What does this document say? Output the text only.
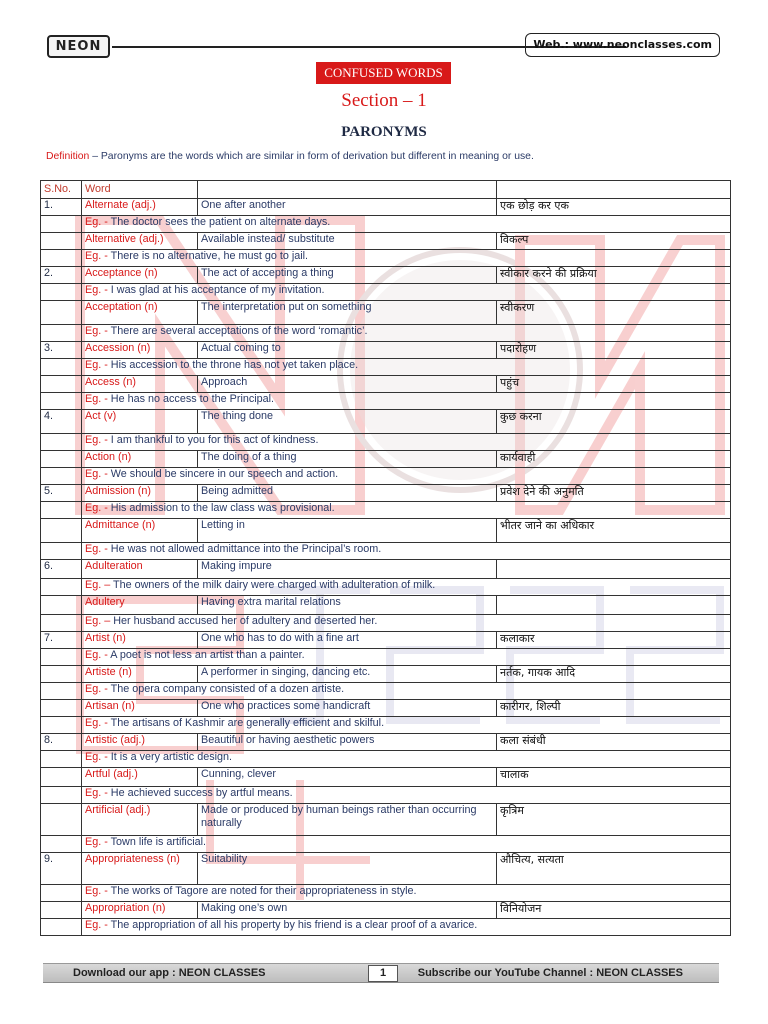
NEON	Web.: www.neonclasses.com
CONFUSED WORDS
Section – 1
PARONYMS
Definition – Paronyms are the words which are similar in form of derivation but different in meaning or use.
S.No.	Word		
1.	Alternate (adj.)	One after another	एक छोड़ कर एक
	Eg. - The doctor sees the patient on alternate days.		
	Alternative (adj.)	Available instead/ substitute	विकल्प
	Eg. - There is no alternative, he must go to jail.		
2.	Acceptance (n)	The act of accepting a thing	स्वीकार करने की प्रक्रिया
	Eg. - I was glad at his acceptance of my invitation.		
	Acceptation (n)	The interpretation put on something	स्वीकरण
	Eg. - There are several acceptations of the word ‘romantic’.		
3.	Accession (n)	Actual coming to	पदारोहण
	Eg. - His accession to the throne has not yet taken place.		
	Access (n)	Approach	पहुंच
	Eg. - He has no access to the Principal.		
4.	Act (v)	The thing done	कुछ करना
	Eg. - I am thankful to you for this act of kindness.		
	Action (n)	The doing of a thing	कार्यवाही
	Eg. - We should be sincere in our speech and action.		
5.	Admission (n)	Being admitted	प्रवेश देने की अनुमति
	Eg. - His admission to the law class was provisional.		
	Admittance (n)	Letting in	भीतर जाने का अधिकार
	Eg. - He was not allowed admittance into the Principal’s room.		
6.	Adulteration	Making impure	
	Eg. – The owners of the milk dairy were charged with adulteration of milk.		
	Adultery	Having extra marital relations	
	Eg. – Her husband accused her of adultery and deserted her.		
7.	Artist (n)	One who has to do with a fine art	कलाकार
	Eg. - A poet is not less an artist than a painter.		
	Artiste (n)	A performer in singing, dancing etc.	नर्तक, गायक आदि
	Eg. - The opera company consisted of a dozen artiste.		
	Artisan (n)	One who practices some handicraft	कारीगर, शिल्पी
	Eg. - The artisans of Kashmir are generally efficient and skilful.		
8.	Artistic (adj.)	Beautiful or having aesthetic powers	कला संबंधी
	Eg. - It is a very artistic design.		
	Artful (adj.)	Cunning, clever	चालाक
	Eg. - He achieved success by artful means.		
	Artificial (adj.)	Made or produced by human beings rather than occurring naturally	कृत्रिम
	Eg. - Town life is artificial.		
9.	Appropriateness (n)	Suitability	औचित्य, सत्यता
	Eg. - The works of Tagore are noted for their appropriateness in style.		
	Appropriation (n)	Making one’s own	विनियोजन
	Eg. - The appropriation of all his property by his friend is a clear proof of a avarice.		
Download our app : NEON CLASSES	1	Subscribe our YouTube Channel : NEON CLASSES
